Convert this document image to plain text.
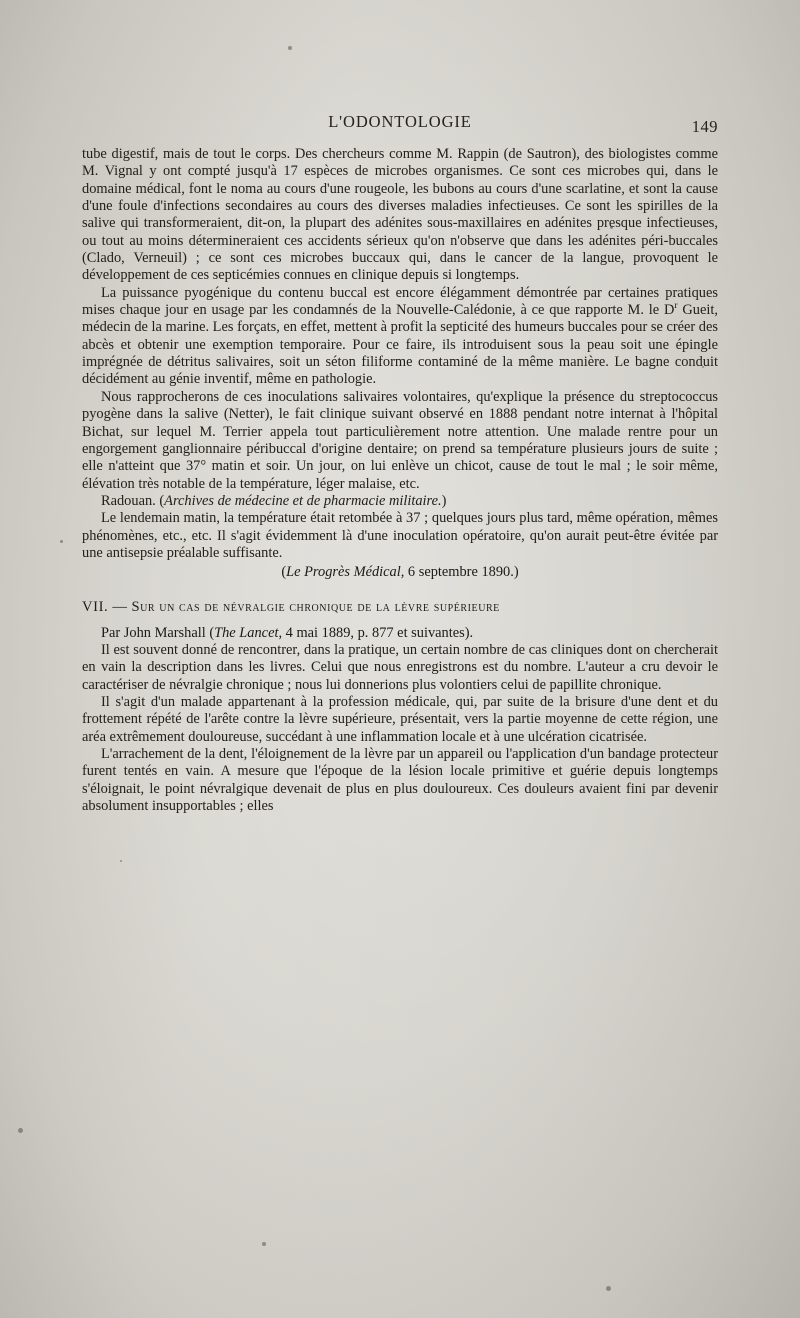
L'ODONTOLOGIE	149

tube digestif, mais de tout le corps. Des chercheurs comme M. Rappin (de Sautron), des biologistes comme M. Vignal y ont compté jusqu'à 17 espèces de microbes organismes. Ce sont ces microbes qui, dans le domaine médical, font le noma au cours d'une rougeole, les bubons au cours d'une scarlatine, et sont la cause d'une foule d'infections secondaires au cours des diverses maladies infectieuses. Ce sont les spirilles de la salive qui transformeraient, dit-on, la plupart des adénites sous-maxillaires en adénites presque infectieuses, ou tout au moins détermineraient ces accidents sérieux qu'on n'observe que dans les adénites péri-buccales (Clado, Verneuil) ; ce sont ces microbes buccaux qui, dans le cancer de la langue, provoquent le développement de ces septicémies connues en clinique depuis si longtemps.

La puissance pyogénique du contenu buccal est encore élégamment démontrée par certaines pratiques mises chaque jour en usage par les condamnés de la Nouvelle-Calédonie, à ce que rapporte M. le $D^r$ Gueit, médecin de la marine. Les forçats, en effet, mettent à profit la septicité des humeurs buccales pour se créer des abcès et obtenir une exemption temporaire. Pour ce faire, ils introduisent sous la peau soit une épingle imprégnée de détritus salivaires, soit un séton filiforme contaminé de la même manière. Le bagne conduit décidément au génie inventif, même en pathologie.

Nous rapprocherons de ces inoculations salivaires volontaires, qu'explique la présence du streptococcus pyogène dans la salive (Netter), le fait clinique suivant observé en 1888 pendant notre internat à l'hôpital Bichat, sur lequel M. Terrier appela tout particulièrement notre attention. Une malade rentre pour un engorgement ganglionnaire péribuccal d'origine dentaire; on prend sa température plusieurs jours de suite ; elle n'atteint que 37° matin et soir. Un jour, on lui enlève un chicot, cause de tout le mal ; le soir même, élévation très notable de la température, léger malaise, etc.

Radouan. (Archives de médecine et de pharmacie militaire.)

Le lendemain matin, la température était retombée à 37 ; quelques jours plus tard, même opération, mêmes phénomènes, etc., etc. Il s'agit évidemment là d'une inoculation opératoire, qu'on aurait peut-être évitée par une antisepsie préalable suffisante.

(Le Progrès Médical, 6 septembre 1890.)

VII. — Sur un cas de névralgie chronique de la lèvre supérieure

Par John Marshall (The Lancet, 4 mai 1889, p. 877 et suivantes).

Il est souvent donné de rencontrer, dans la pratique, un certain nombre de cas cliniques dont on chercherait en vain la description dans les livres. Celui que nous enregistrons est du nombre. L'auteur a cru devoir le caractériser de névralgie chronique ; nous lui donnerions plus volontiers celui de papillite chronique.

Il s'agit d'un malade appartenant à la profession médicale, qui, par suite de la brisure d'une dent et du frottement répété de l'arête contre la lèvre supérieure, présentait, vers la partie moyenne de cette région, une aréa extrêmement douloureuse, succédant à une inflammation locale et à une ulcération cicatrisée.

L'arrachement de la dent, l'éloignement de la lèvre par un appareil ou l'application d'un bandage protecteur furent tentés en vain. A mesure que l'époque de la lésion locale primitive et guérie depuis longtemps s'éloignait, le point névralgique devenait de plus en plus douloureux. Ces douleurs avaient fini par devenir absolument insupportables ; elles
